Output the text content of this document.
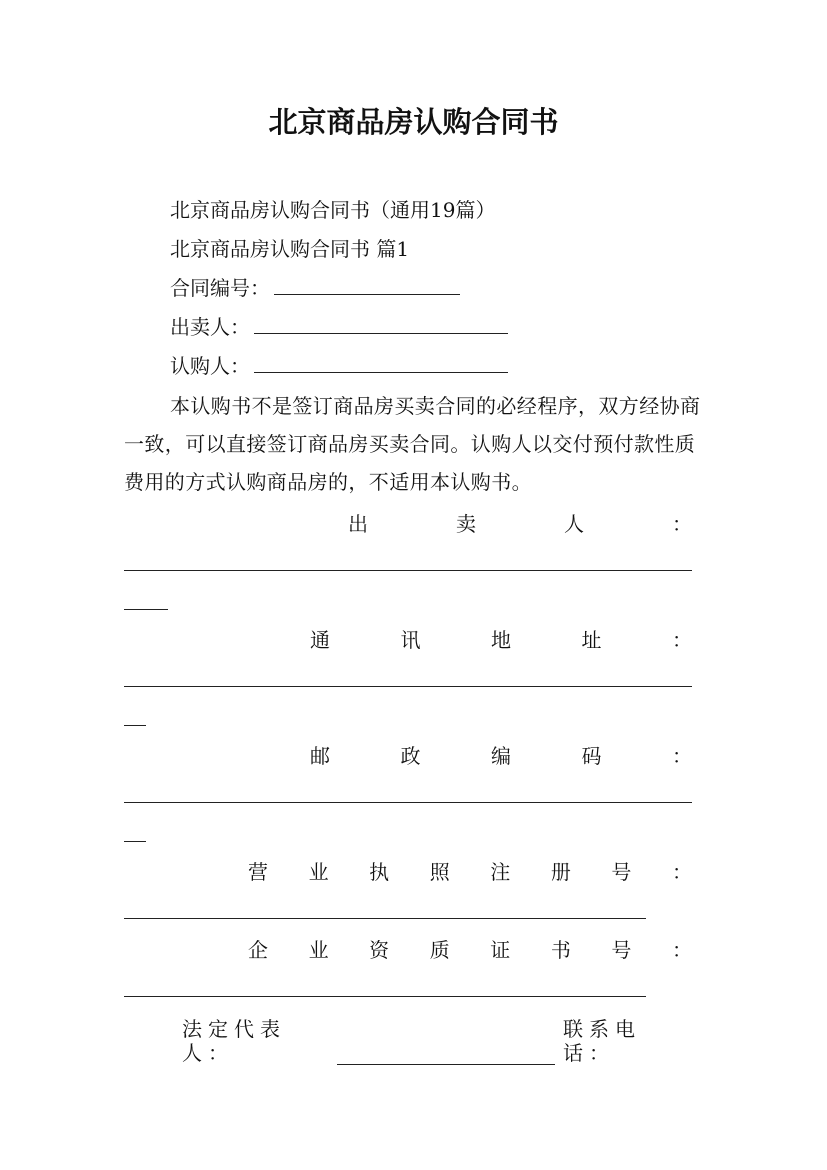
北京商品房认购合同书
北京商品房认购合同书（通用19篇）
北京商品房认购合同书 篇1
合同编号：
出卖人：
认购人：
本认购书不是签订商品房买卖合同的必经程序，双方经协商一致，可以直接签订商品房买卖合同。认购人以交付预付款性质费用的方式认购商品房的，不适用本认购书。
出	卖	人	：
通	讯	地	址	：
邮	政	编	码	：
营 业 执 照 注 册 号 ：
企 业 资 质 证 书 号 ：
法定代表人：
联系电话：
